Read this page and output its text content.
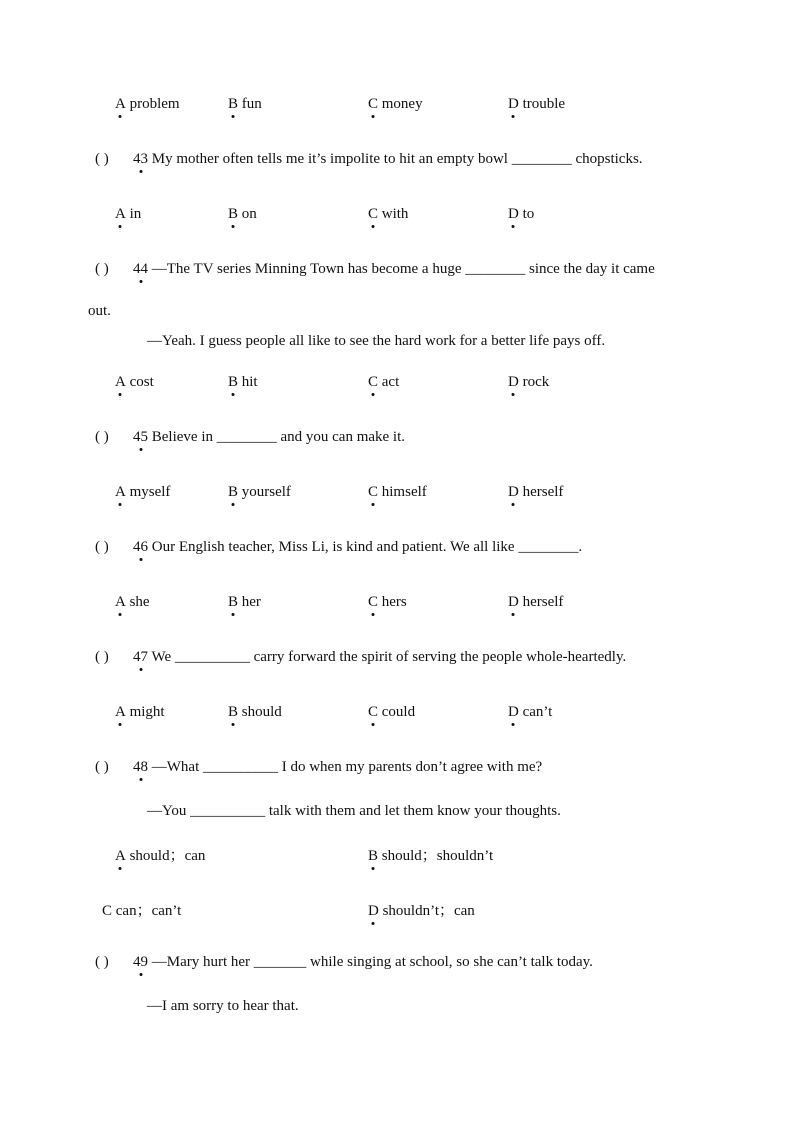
A problem	B fun	C money	D trouble
( ) 43 My mother often tells me it’s impolite to hit an empty bowl ________ chopsticks.
A in	B on	C with	D to
( ) 44 —The TV series Minning Town has become a huge ________ since the day it came
out.
—Yeah. I guess people all like to see the hard work for a better life pays off.
A cost	B hit	C act	D rock
( ) 45 Believe in ________ and you can make it.
A myself	B yourself	C himself	D herself
( ) 46 Our English teacher, Miss Li, is kind and patient. We all like ________.
A she	B her	C hers	D herself
( ) 47 We __________ carry forward the spirit of serving the people whole-heartedly.
A might	B should	C could	D can’t
( ) 48 —What __________ I do when my parents don’t agree with me?
—You __________ talk with them and let them know your thoughts.
A should；can	B should；shouldn’t
C can；can’t	D shouldn’t；can
( ) 49 —Mary hurt her _______ while singing at school, so she can’t talk today.
—I am sorry to hear that.
